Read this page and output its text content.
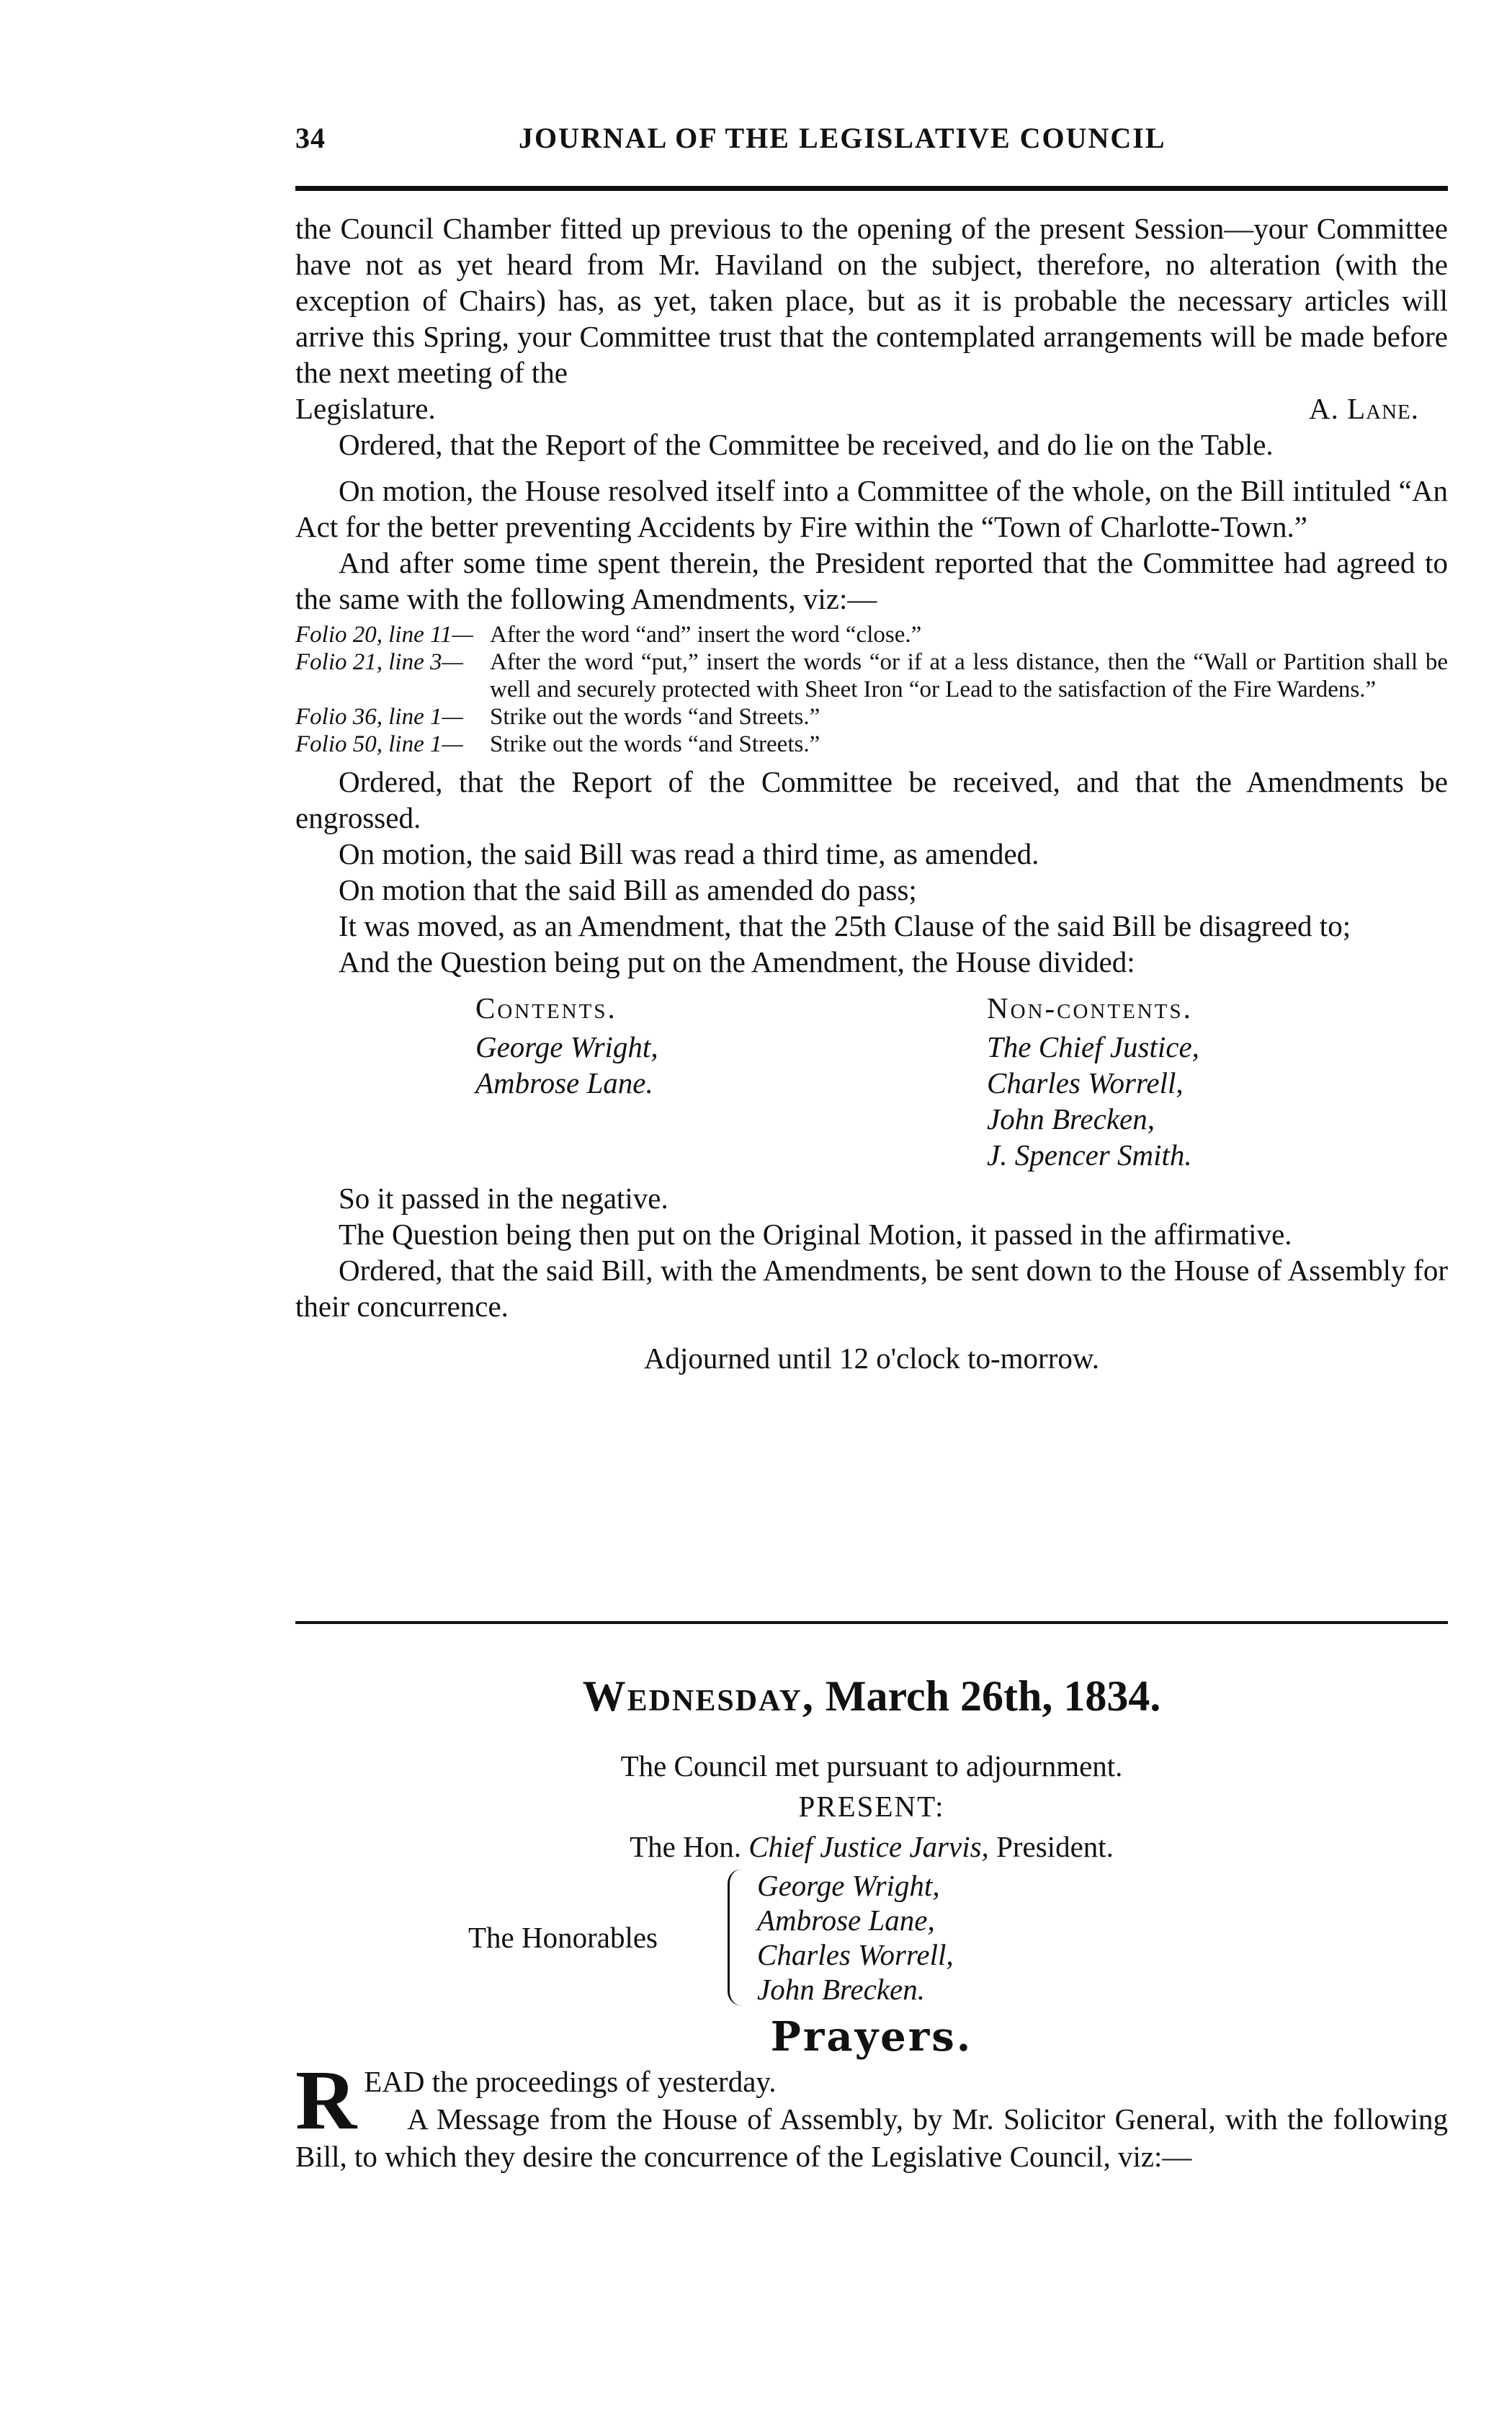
34	JOURNAL OF THE LEGISLATIVE COUNCIL

the Council Chamber fitted up previous to the opening of the present Session—your Committee have not as yet heard from Mr. Haviland on the subject, therefore, no alteration (with the exception of Chairs) has, as yet, taken place, but as it is probable the necessary articles will arrive this Spring, your Committee trust that the contemplated arrangements will be made before the next meeting of the

Legislature.	A. Lane.

Ordered, that the Report of the Committee be received, and do lie on the Table.

On motion, the House resolved itself into a Committee of the whole, on the Bill intituled “An Act for the better preventing Accidents by Fire within the “Town of Charlotte-Town.”

And after some time spent therein, the President reported that the Committee had agreed to the same with the following Amendments, viz:—

Folio 20, line 11— After the word “and” insert the word “close.”
Folio 21, line 3—	After the word “put,” insert the words “or if at a less distance, then the “Wall or Partition shall be well and securely protected with Sheet Iron “or Lead to the satisfaction of the Fire Wardens.”
Folio 36, line 1—	Strike out the words “and Streets.”
Folio 50, line 1—	Strike out the words “and Streets.”

Ordered, that the Report of the Committee be received, and that the Amendments be engrossed.

On motion, the said Bill was read a third time, as amended.

On motion that the said Bill as amended do pass;

It was moved, as an Amendment, that the 25th Clause of the said Bill be disagreed to;

And the Question being put on the Amendment, the House divided:

Contents.
George Wright,
Ambrose Lane.
Non-contents.
The Chief Justice,
Charles Worrell,
John Brecken,
J. Spencer Smith.

So it passed in the negative.

The Question being then put on the Original Motion, it passed in the affirmative.

Ordered, that the said Bill, with the Amendments, be sent down to the House of Assembly for their concurrence.

Adjourned until 12 o'clock to-morrow.

Wednesday, March 26th, 1834.

The Council met pursuant to adjournment.

PRESENT:

The Hon. Chief Justice Jarvis, President.

The Honorables
George Wright,
Ambrose Lane,
Charles Worrell,
John Brecken.
Prayers.
R EAD the proceedings of yesterday.

A Message from the House of Assembly, by Mr. Solicitor General, with the following Bill, to which they desire the concurrence of the Legislative Council, viz:—
